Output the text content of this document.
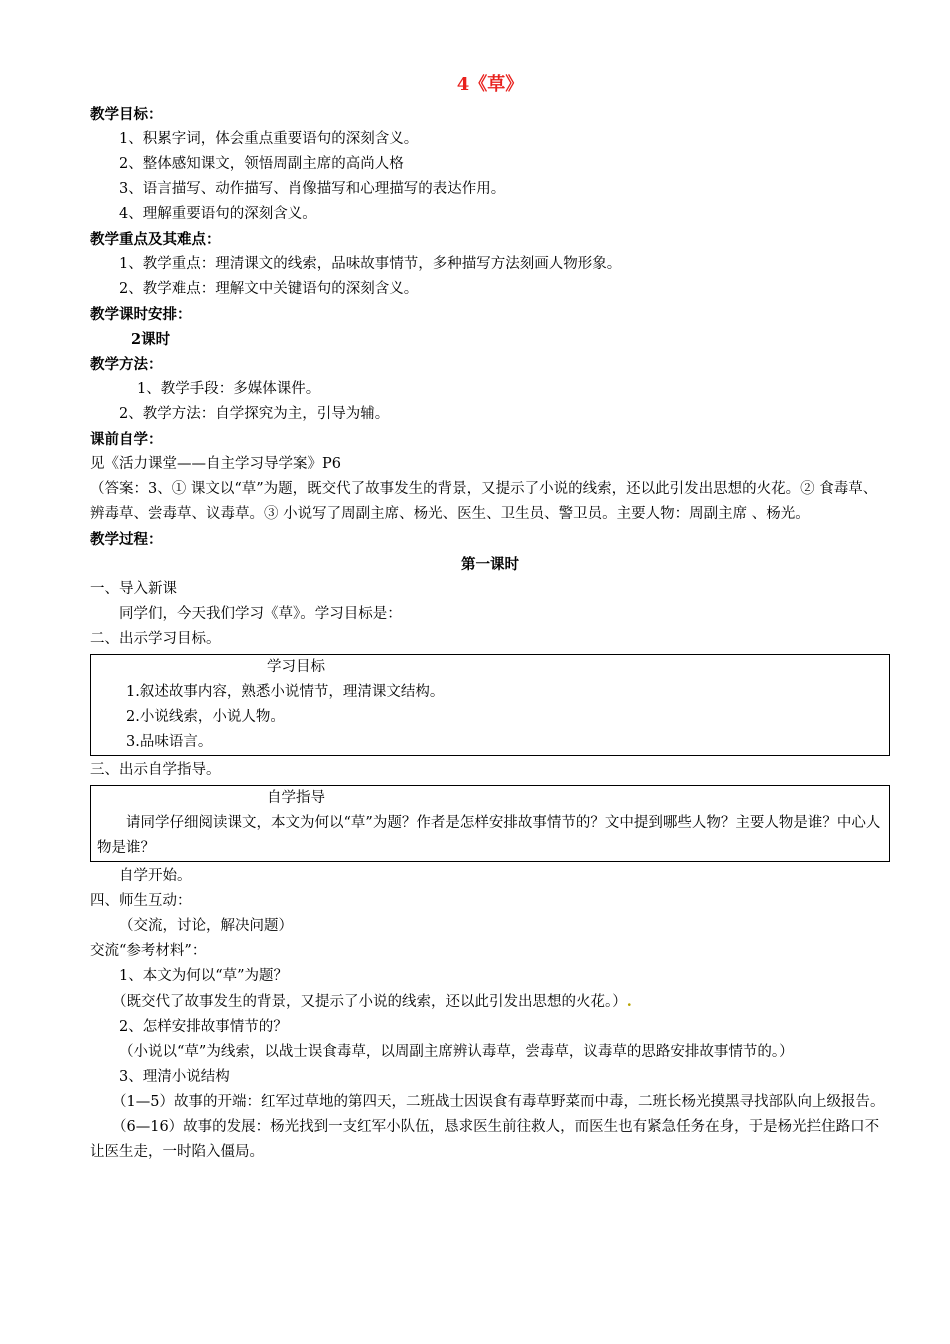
4《草》
教学目标：
1、积累字词，体会重点重要语句的深刻含义。
2、整体感知课文，领悟周副主席的高尚人格
3、语言描写、动作描写、肖像描写和心理描写的表达作用。
4、理解重要语句的深刻含义。
教学重点及其难点：
1、教学重点：理清课文的线索，品味故事情节，多种描写方法刻画人物形象。
2、教学难点：理解文中关键语句的深刻含义。
教学课时安排：
2课时
教学方法：
1、教学手段：多媒体课件。
2、教学方法：自学探究为主，引导为辅。
课前自学：
见《活力课堂——自主学习导学案》P6
（答案：3、① 课文以“草”为题，既交代了故事发生的背景，又提示了小说的线索，还以此引发出思想的火花。② 食毒草、辨毒草、尝毒草、议毒草。③ 小说写了周副主席、杨光、医生、卫生员、警卫员。主要人物：周副主席 、杨光。
教学过程：
第一课时
一、导入新课
同学们，今天我们学习《草》。学习目标是：
二、出示学习目标。
学习目标
1.叙述故事内容，熟悉小说情节，理清课文结构。
2.小说线索，小说人物。
3.品味语言。
三、出示自学指导。
自学指导
请同学仔细阅读课文，本文为何以“草”为题？作者是怎样安排故事情节的？文中提到哪些人物？主要人物是谁？中心人物是谁？
自学开始。
四、师生互动：
（交流，讨论，解决问题）
交流“参考材料”：
1、本文为何以“草”为题？
（既交代了故事发生的背景，又提示了小说的线索，还以此引发出思想的火花。）.
2、怎样安排故事情节的？
（小说以“草”为线索，以战士误食毒草，以周副主席辨认毒草，尝毒草，议毒草的思路安排故事情节的。）
3、理清小说结构
（1—5）故事的开端：红军过草地的第四天，二班战士因误食有毒草野菜而中毒，二班长杨光摸黑寻找部队向上级报告。
（6—16）故事的发展：杨光找到一支红军小队伍，恳求医生前往救人，而医生也有紧急任务在身，于是杨光拦住路口不让医生走，一时陷入僵局。
